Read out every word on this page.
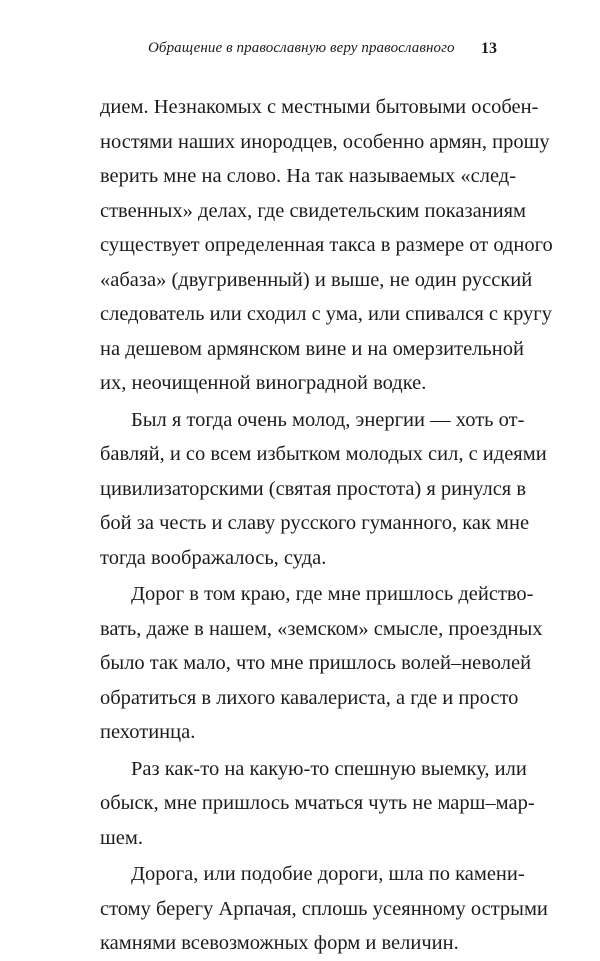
Обращение в православную веру православного 13
дием. Незнакомых с местными бытовыми особен-
ностями наших инородцев, особенно армян, прошу
верить мне на слово. На так называемых «след-
ственных» делах, где свидетельским показаниям
существует определенная такса в размере от одного
«абаза» (двугривенный) и выше, не один русский
следователь или сходил с ума, или спивался с кругу
на дешевом армянском вине и на омерзительной
их, неочищенной виноградной водке.
Был я тогда очень молод, энергии — хоть от-
бавляй, и со всем избытком молодых сил, с идеями
цивилизаторскими (святая простота) я ринулся в
бой за честь и славу русского гуманного, как мне
тогда воображалось, суда.
Дорог в том краю, где мне пришлось действо-
вать, даже в нашем, «земском» смысле, проездных
было так мало, что мне пришлось волей–неволей
обратиться в лихого кавалериста, а где и просто
пехотинца.
Раз как-то на какую-то спешную выемку, или
обыск, мне пришлось мчаться чуть не марш–мар-
шем.
Дорога, или подобие дороги, шла по камени-
стому берегу Арпачая, сплошь усеянному острыми
камнями всевозможных форм и величин.
